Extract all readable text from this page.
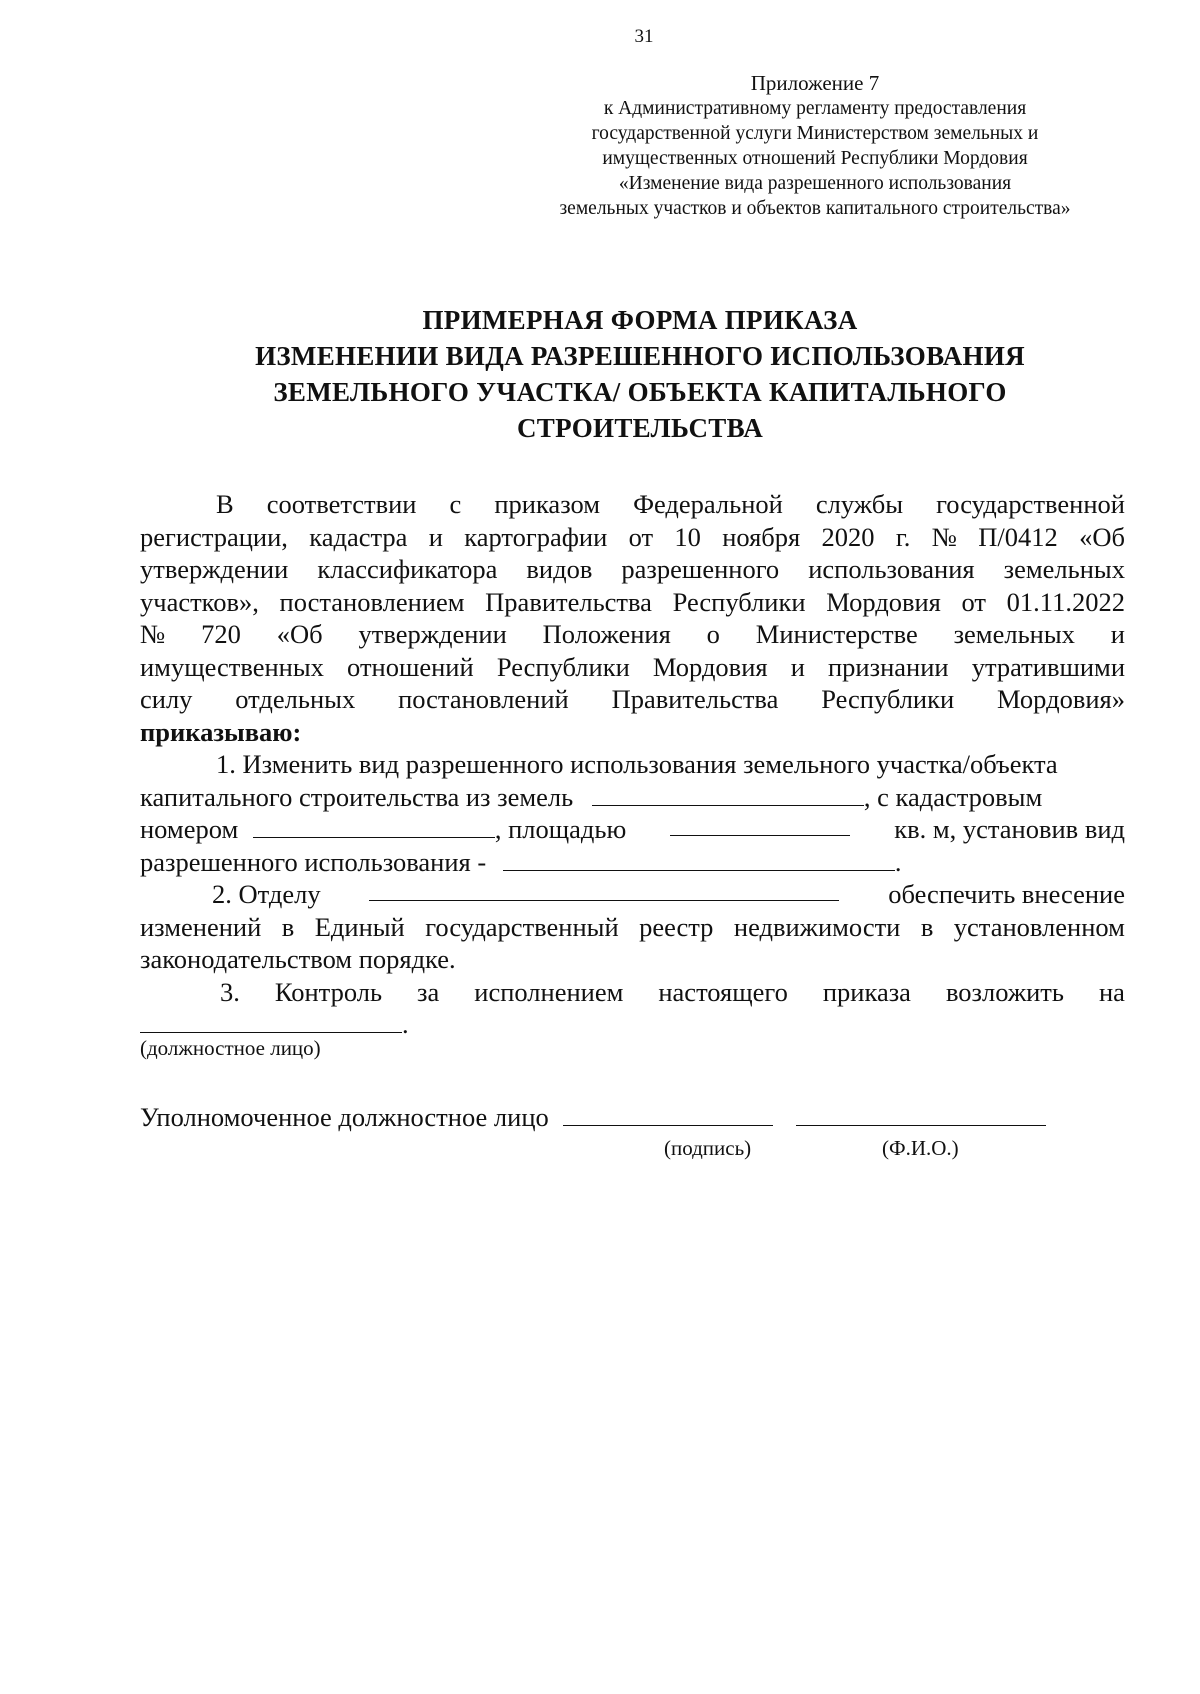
31
Приложение 7
к Административному регламенту предоставления
государственной услуги Министерством земельных и
имущественных отношений Республики Мордовия
«Изменение вида разрешенного использования
земельных участков и объектов капитального строительства»
ПРИМЕРНАЯ ФОРМА ПРИКАЗА
ИЗМЕНЕНИИ ВИДА РАЗРЕШЕННОГО ИСПОЛЬЗОВАНИЯ
ЗЕМЕЛЬНОГО УЧАСТКА/ ОБЪЕКТА КАПИТАЛЬНОГО
СТРОИТЕЛЬСТВА
В соответствии с приказом Федеральной службы государственной
регистрации, кадастра и картографии от 10 ноября 2020 г. № П/0412 «Об
утверждении классификатора видов разрешенного использования земельных
участков», постановлением Правительства Республики Мордовия от 01.11.2022
№ 720 «Об утверждении Положения о Министерстве земельных и
имущественных отношений Республики Мордовия и признании утратившими
силу отдельных постановлений Правительства Республики Мордовия»
приказываю:
1. Изменить вид разрешенного использования земельного участка/объекта
капитального строительства из земель	, с кадастровым
номером	, площадью	кв. м, установив вид
разрешенного использования -	.
2. Отделу	обеспечить внесение
изменений в Единый государственный реестр недвижимости в установленном
законодательством порядке.
3. Контроль за исполнением настоящего приказа возложить на
.
(должностное лицо)
Уполномоченное должностное лицо
(подпись)	(Ф.И.О.)
